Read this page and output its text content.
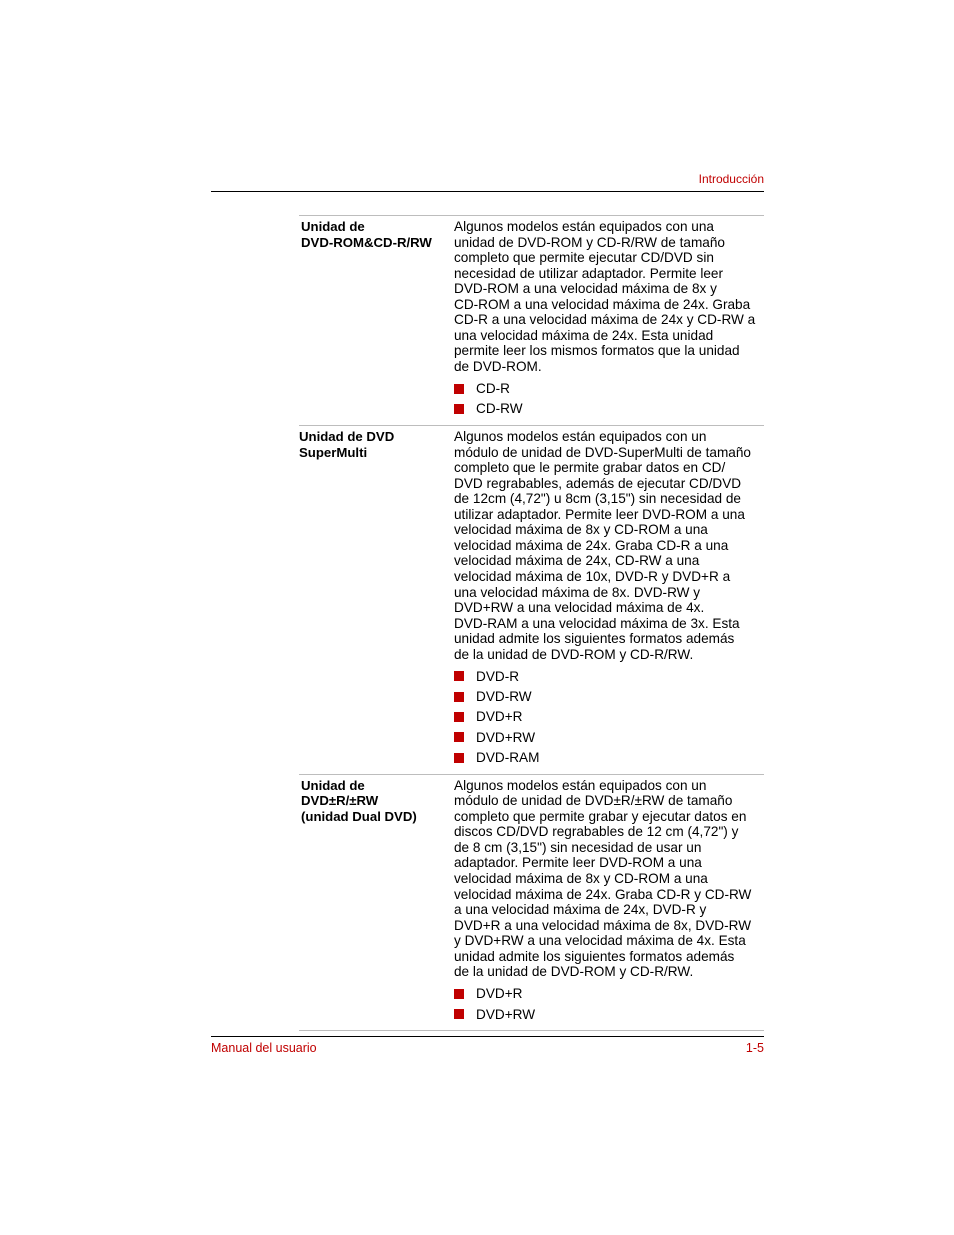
Introducción
Unidad de
DVD-ROM&CD-R/RW
Algunos modelos están equipados con una
unidad de DVD-ROM y CD-R/RW de tamaño
completo que permite ejecutar CD/DVD sin
necesidad de utilizar adaptador. Permite leer
DVD-ROM a una velocidad máxima de 8x y
CD-ROM a una velocidad máxima de 24x. Graba
CD-R a una velocidad máxima de 24x y CD-RW a
una velocidad máxima de 24x. Esta unidad
permite leer los mismos formatos que la unidad
de DVD-ROM.
CD-R
CD-RW
Unidad de DVD
SuperMulti
Algunos modelos están equipados con un
módulo de unidad de DVD-SuperMulti de tamaño
completo que le permite grabar datos en CD/
DVD regrabables, además de ejecutar CD/DVD
de 12cm (4,72") u 8cm (3,15") sin necesidad de
utilizar adaptador. Permite leer DVD-ROM a una
velocidad máxima de 8x y CD-ROM a una
velocidad máxima de 24x. Graba CD-R a una
velocidad máxima de 24x, CD-RW a una
velocidad máxima de 10x, DVD-R y DVD+R a
una velocidad máxima de 8x. DVD-RW y
DVD+RW a una velocidad máxima de 4x.
DVD-RAM a una velocidad máxima de 3x. Esta
unidad admite los siguientes formatos además
de la unidad de DVD-ROM y CD-R/RW.
DVD-R
DVD-RW
DVD+R
DVD+RW
DVD-RAM
Unidad de
DVD±R/±RW
(unidad Dual DVD)
Algunos modelos están equipados con un
módulo de unidad de DVD±R/±RW de tamaño
completo que permite grabar y ejecutar datos en
discos CD/DVD regrabables de 12 cm (4,72") y
de 8 cm (3,15") sin necesidad de usar un
adaptador. Permite leer DVD-ROM a una
velocidad máxima de 8x y CD-ROM a una
velocidad máxima de 24x. Graba CD-R y CD-RW
a una velocidad máxima de 24x, DVD-R y
DVD+R a una velocidad máxima de 8x, DVD-RW
y DVD+RW a una velocidad máxima de 4x. Esta
unidad admite los siguientes formatos además
de la unidad de DVD-ROM y CD-R/RW.
DVD+R
DVD+RW
Manual del usuario	1-5
